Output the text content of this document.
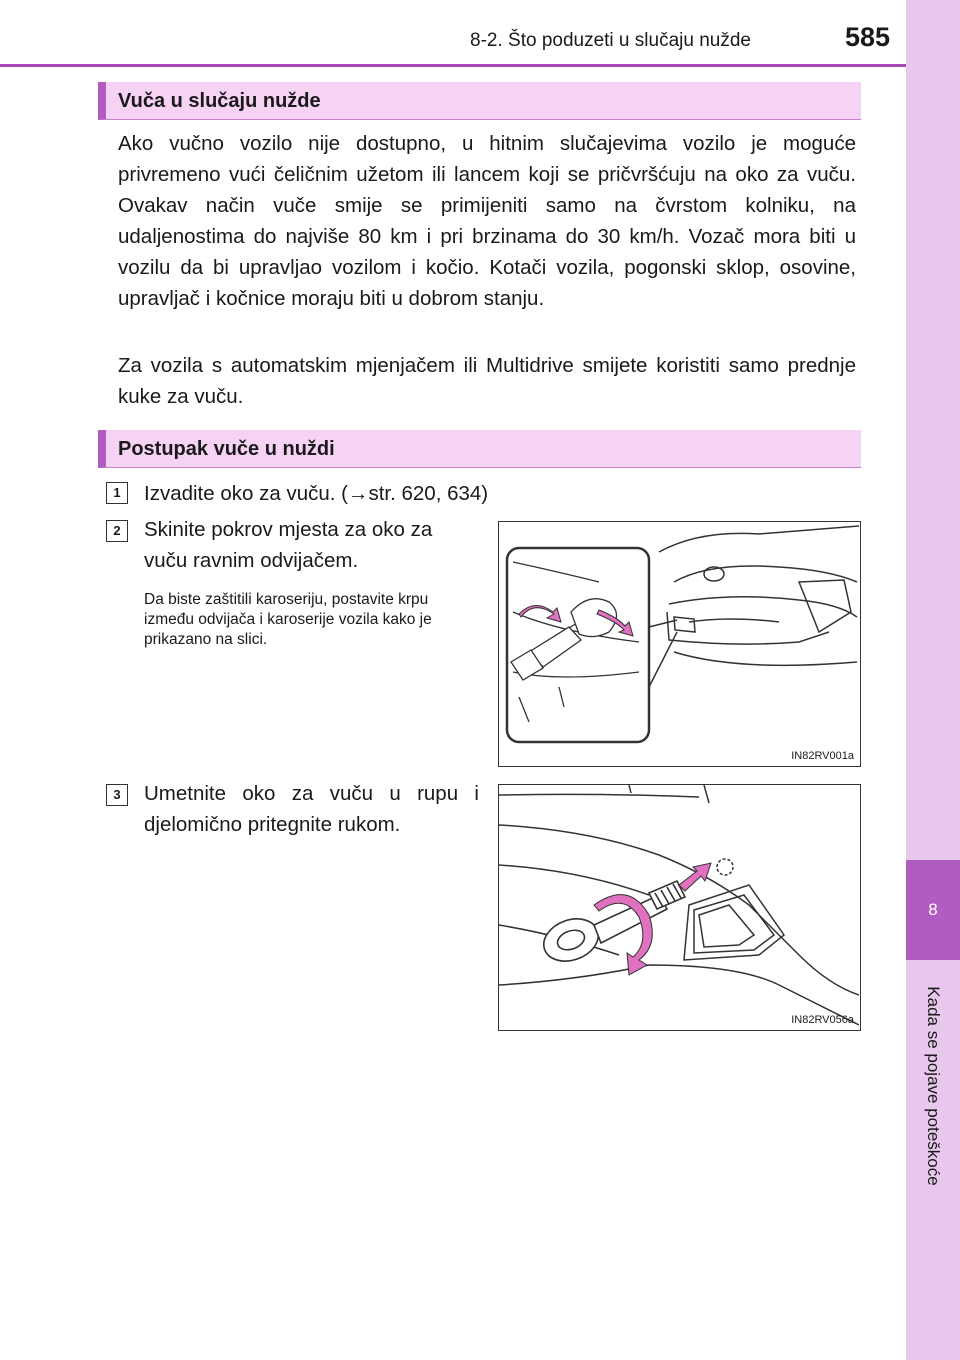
8
Kada se pojave poteškoće
8-2. Što poduzeti u slučaju nužde	585
Vuča u slučaju nužde

Ako vučno vozilo nije dostupno, u hitnim slučajevima vozilo je moguće privremeno vući čeličnim užetom ili lancem koji se pričvršćuju na oko za vuču. Ovakav način vuče smije se primijeniti samo na čvrstom kolniku, na udaljenostima do najviše 80 km i pri brzinama do 30 km/h. Vozač mora biti u vozilu da bi upravljao vozilom i kočio. Kotači vozila, pogonski sklop, osovine, upravljač i kočnice moraju biti u dobrom stanju.

Za vozila s automatskim mjenjačem ili Multidrive smijete koristiti samo prednje kuke za vuču.

Postupak vuče u nuždi
1	Izvadite oko za vuču. (→str. 620, 634)

2	Skinite pokrov mjesta za oko za

vuču ravnim odvijačem.

Da biste zaštitili karoseriju, postavite krpu između odvijača i karoserije vozila kako je prikazano na slici.

IN82RV001a
3	Umetnite oko za vuču u rupu i

djelomično pritegnite rukom.

IN82RV056a
